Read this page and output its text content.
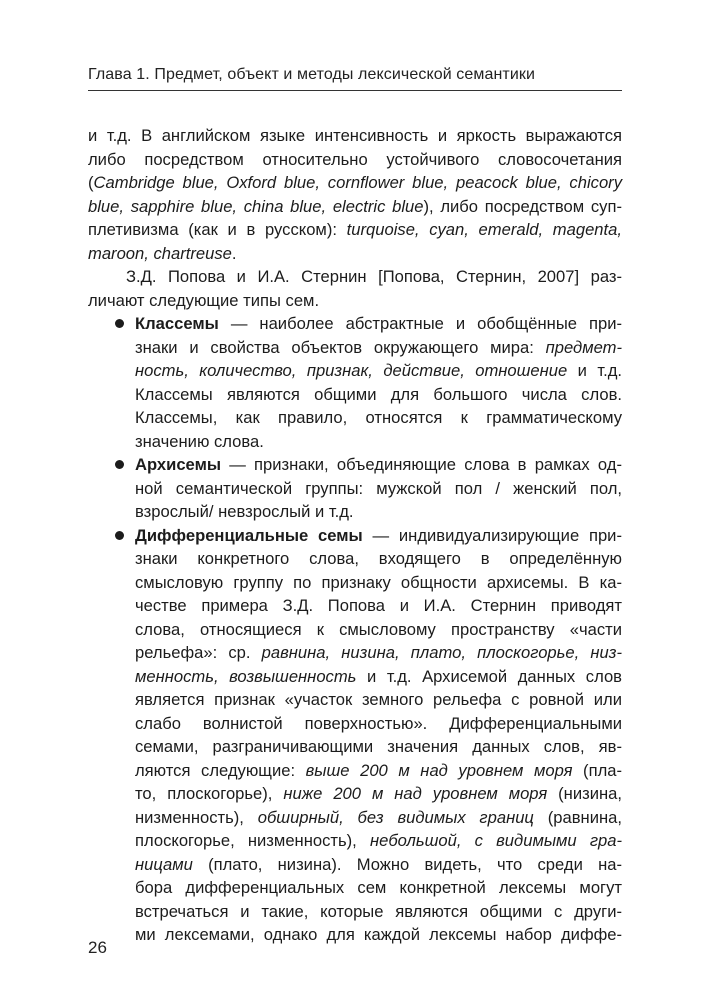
Глава 1. Предмет, объект и методы лексической семантики
и т.д. В английском языке интенсивность и яркость выражаются
либо посредством относительно устойчивого словосочетания
(Cambridge blue, Oxford blue, cornflower blue, peacock blue, chicory
blue, sapphire blue, china blue, electric blue), либо посредством суп-
плетивизма (как и в русском): turquoise, cyan, emerald, magenta,
maroon, chartreuse.
З.Д. Попова и И.А. Стернин [Попова, Стернин, 2007] раз-
личают следующие типы сем.
Классемы — наиболее абстрактные и обобщённые при-
знаки и свойства объектов окружающего мира: предмет-
ность, количество, признак, действие, отношение и т.д.
Классемы являются общими для большого числа слов.
Классемы, как правило, относятся к грамматическому
значению слова.
Архисемы — признаки, объединяющие слова в рамках од-
ной семантической группы: мужской пол / женский пол,
взрослый/ невзрослый и т.д.
Дифференциальные семы — индивидуализирующие при-
знаки конкретного слова, входящего в определённую
смысловую группу по признаку общности архисемы. В ка-
честве примера З.Д. Попова и И.А. Стернин приводят
слова, относящиеся к смысловому пространству «части
рельефа»: ср. равнина, низина, плато, плоскогорье, низ-
менность, возвышенность и т.д. Архисемой данных слов
является признак «участок земного рельефа с ровной или
слабо волнистой поверхностью». Дифференциальными
семами, разграничивающими значения данных слов, яв-
ляются следующие: выше 200 м над уровнем моря (пла-
то, плоскогорье), ниже 200 м над уровнем моря (низина,
низменность), обширный, без видимых границ (равнина,
плоскогорье, низменность), небольшой, с видимыми гра-
ницами (плато, низина). Можно видеть, что среди на-
бора дифференциальных сем конкретной лексемы могут
встречаться и такие, которые являются общими с други-
ми лексемами, однако для каждой лексемы набор диффе-
26
